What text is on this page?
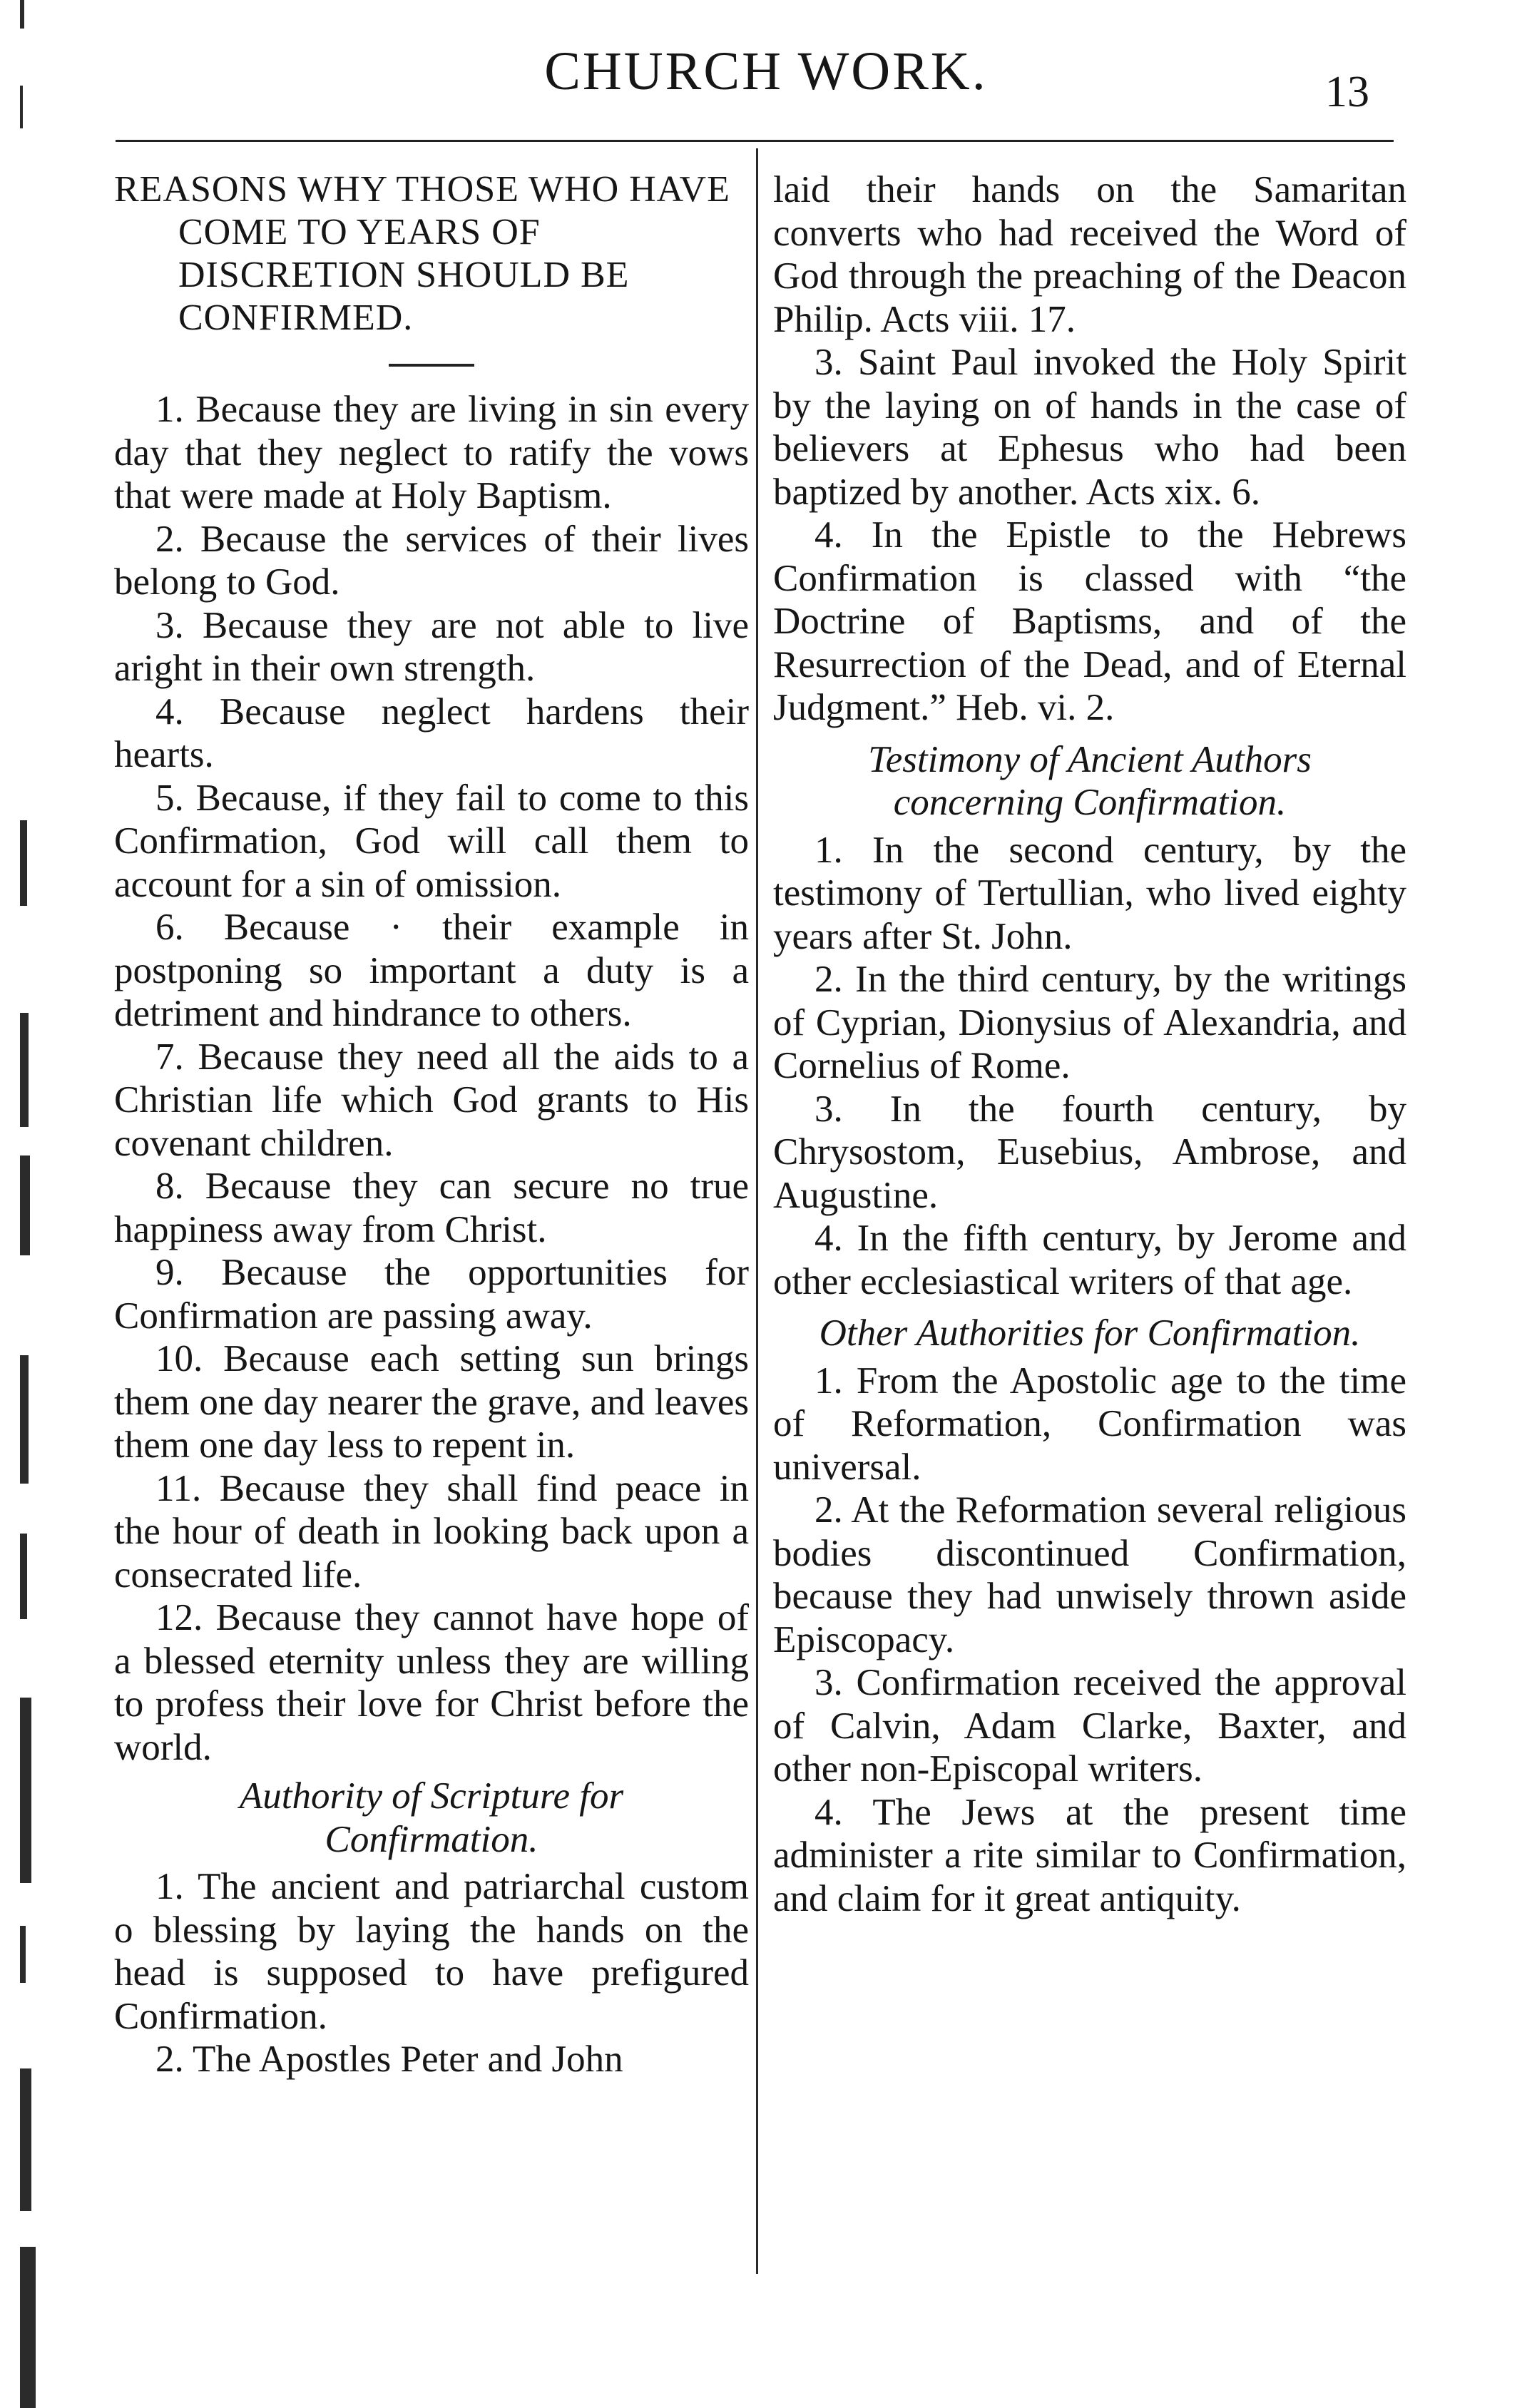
CHURCH WORK.	13

REASONS WHY THOSE WHO HAVE COME TO YEARS OF DISCRETION SHOULD BE CONFIRMED.

1. Because they are living in sin every day that they neglect to ratify the vows that were made at Holy Baptism.

2. Because the services of their lives belong to God.

3. Because they are not able to live aright in their own strength.

4. Because neglect hardens their hearts.

5. Because, if they fail to come to this Confirmation, God will call them to account for a sin of omission.

6. Because · their example in postponing so important a duty is a detriment and hindrance to others.

7. Because they need all the aids to a Christian life which God grants to His covenant children.

8. Because they can secure no true happiness away from Christ.

9. Because the opportunities for Confirmation are passing away.

10. Because each setting sun brings them one day nearer the grave, and leaves them one day less to repent in.

11. Because they shall find peace in the hour of death in looking back upon a consecrated life.

12. Because they cannot have hope of a blessed eternity unless they are willing to profess their love for Christ before the world.

Authority of Scripture for Confirmation.

1. The ancient and patriarchal custom o blessing by laying the hands on the head is supposed to have prefigured Confirmation.

2. The Apostles Peter and John

laid their hands on the Samaritan converts who had received the Word of God through the preaching of the Deacon Philip. Acts viii. 17.

3. Saint Paul invoked the Holy Spirit by the laying on of hands in the case of believers at Ephesus who had been baptized by another. Acts xix. 6.

4. In the Epistle to the Hebrews Confirmation is classed with “the Doctrine of Baptisms, and of the Resurrection of the Dead, and of Eternal Judgment.” Heb. vi. 2.

Testimony of Ancient Authors concerning Confirmation.

1. In the second century, by the testimony of Tertullian, who lived eighty years after St. John.

2. In the third century, by the writings of Cyprian, Dionysius of Alexandria, and Cornelius of Rome.

3. In the fourth century, by Chrysostom, Eusebius, Ambrose, and Augustine.

4. In the fifth century, by Jerome and other ecclesiastical writers of that age.

Other Authorities for Confirmation.

1. From the Apostolic age to the time of Reformation, Confirmation was universal.

2. At the Reformation several religious bodies discontinued Confirmation, because they had unwisely thrown aside Episcopacy.

3. Confirmation received the approval of Calvin, Adam Clarke, Baxter, and other non-Episcopal writers.

4. The Jews at the present time administer a rite similar to Confirmation, and claim for it great antiquity.
